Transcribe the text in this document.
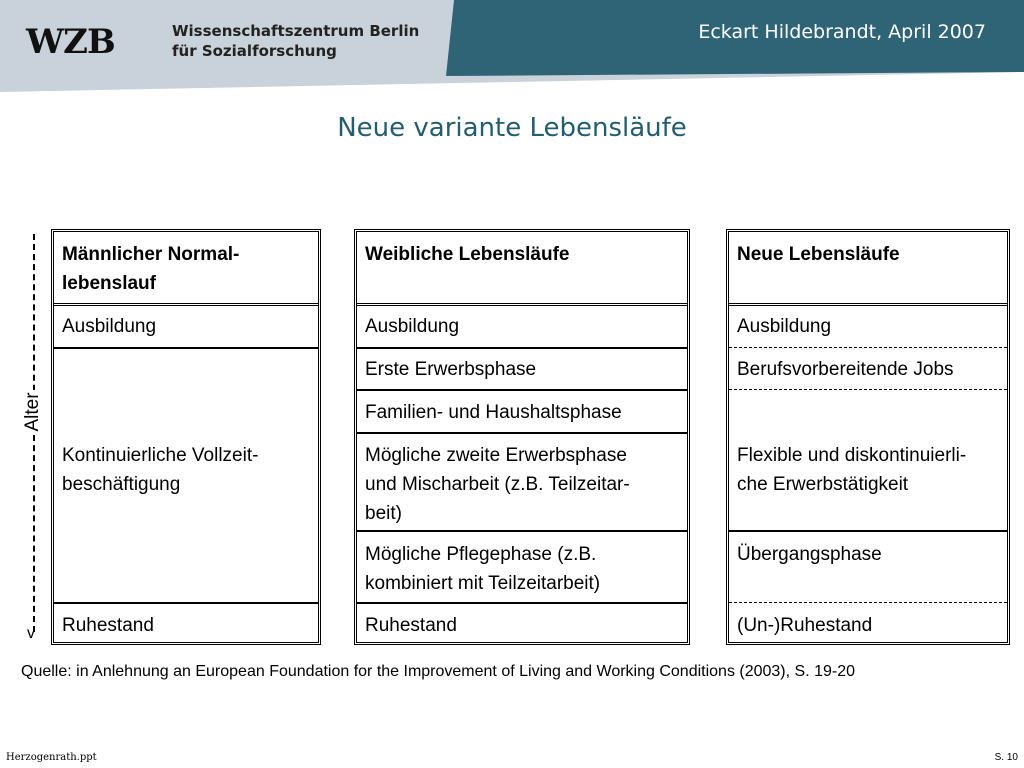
WZB	Wissenschaftszentrum Berlin
für Sozialforschung
Eckart Hildebrandt, April 2007
Neue variante Lebensläufe
Alter
v
Männlicher Normal-
lebenslauf
Ausbildung
Kontinuierliche Vollzeit-
beschäftigung
Ruhestand
Weibliche Lebensläufe
Ausbildung
Erste Erwerbsphase
Familien- und Haushaltsphase
Mögliche zweite Erwerbsphase
und Mischarbeit (z.B. Teilzeitar-
beit)
Mögliche Pflegephase (z.B.
kombiniert mit Teilzeitarbeit)
Ruhestand
Neue Lebensläufe
Ausbildung
Berufsvorbereitende Jobs
Flexible und diskontinuierli-
che Erwerbstätigkeit
Übergangsphase
(Un-)Ruhestand
Quelle: in Anlehnung an European Foundation for the Improvement of Living and Working Conditions (2003), S. 19-20
Herzogenrath.ppt	S. 10
